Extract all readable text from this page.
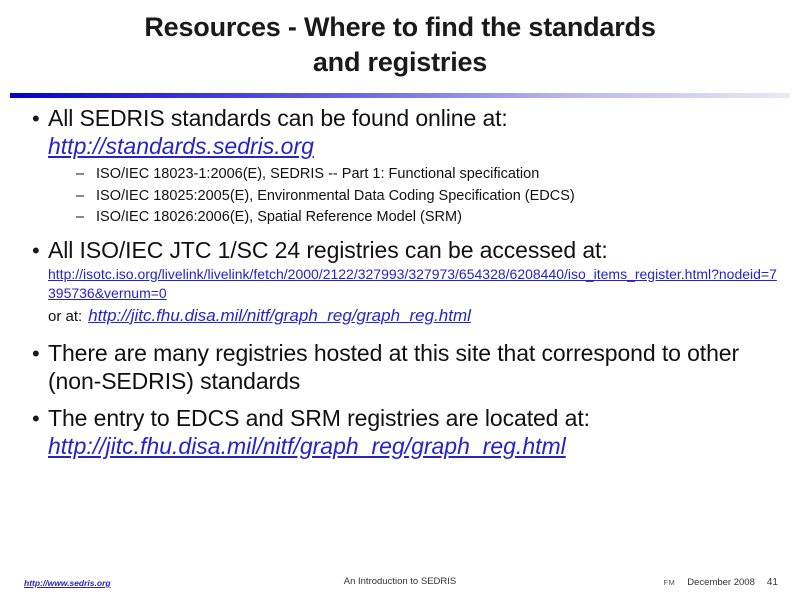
Resources - Where to find the standards
and registries
• All SEDRIS standards can be found online at:
http://standards.sedris.org
– ISO/IEC 18023-1:2006(E), SEDRIS -- Part 1: Functional specification
– ISO/IEC 18025:2005(E), Environmental Data Coding Specification (EDCS)
– ISO/IEC 18026:2006(E), Spatial Reference Model (SRM)
• All ISO/IEC JTC 1/SC 24 registries can be accessed at:
http://isotc.iso.org/livelink/livelink/fetch/2000/2122/327993/327973/654328/6208440/iso_items_register.html?nodeid=7395736&vernum=0
or at: http://jitc.fhu.disa.mil/nitf/graph_reg/graph_reg.html
• There are many registries hosted at this site that correspond to other (non-SEDRIS) standards
• The entry to EDCS and SRM registries are located at:
http://jitc.fhu.disa.mil/nitf/graph_reg/graph_reg.html
http://www.sedris.org	An Introduction to SEDRIS	FM December 2008 41
